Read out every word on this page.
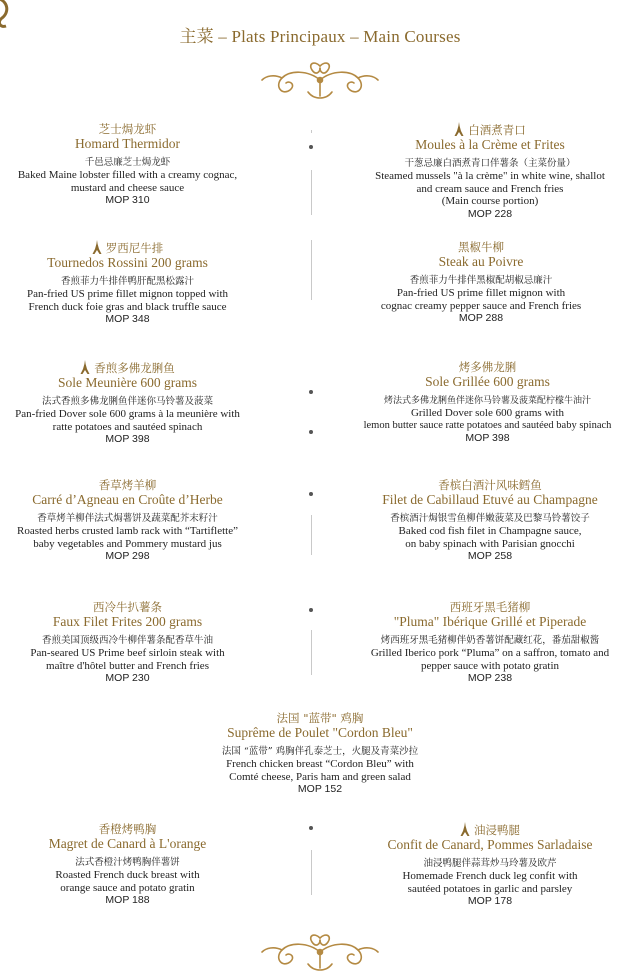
主菜 – Plats Principaux – Main Courses
芝士焗龙虾
Homard Thermidor
千邑忌廉芝士焗龙虾
Baked Maine lobster filled with a creamy cognac,
mustard and cheese sauce
MOP 310
白酒煮青口
Moules à la Crème et Frites
干葱忌廉白酒煮青口伴薯条（主菜份量）
Steamed mussels "à la crème" in white wine, shallot
and cream sauce and French fries
(Main course portion)
MOP 228
罗西尼牛排
Tournedos Rossini 200 grams
香煎菲力牛排伴鸭肝配黑松露汁
Pan-fried US prime fillet mignon topped with
French duck foie gras and black truffle sauce
MOP 348
黑椒牛柳
Steak au Poivre
香煎菲力牛排伴黑椒配胡椒忌廉汁
Pan-fried US prime fillet mignon with
cognac creamy pepper sauce and French fries
MOP 288
香煎多佛龙脷鱼
Sole Meunière 600 grams
法式香煎多佛龙脷鱼伴迷你马铃薯及菠菜
Pan-fried Dover sole 600 grams à la meunière with
ratte potatoes and sautéed spinach
MOP 398
烤多佛龙脷
Sole Grillée 600 grams
烤法式多佛龙脷鱼伴迷你马铃薯及菠菜配柠檬牛油汁
Grilled Dover sole 600 grams with
lemon butter sauce ratte potatoes and sautéed baby spinach
MOP 398
香草烤羊柳
Carré d’Agneau en Croûte d’Herbe
香草烤羊柳伴法式焗薯饼及蔬菜配芥末籽汁
Roasted herbs crusted lamb rack with “Tartiflette”
baby vegetables and Pommery mustard jus
MOP 298
香槟白酒汁风味鳕鱼
Filet de Cabillaud Etuvé au Champagne
香槟酒汁焗银雪鱼柳伴嫩菠菜及巴黎马铃薯饺子
Baked cod fish filet in Champagne sauce,
on baby spinach with Parisian gnocchi
MOP 258
西冷牛扒薯条
Faux Filet Frites 200 grams
香煎美国顶级西冷牛柳伴薯条配香草牛油
Pan-seared US Prime beef sirloin steak with
maître d'hôtel butter and French fries
MOP 230
西班牙黑毛猪柳
"Pluma" Ibérique Grillé et Piperade
烤西班牙黑毛猪柳伴奶香薯饼配藏红花，番茄甜椒酱
Grilled Iberico pork “Pluma” on a saffron, tomato and
pepper sauce with potato gratin
MOP 238
法国 "蓝带" 鸡胸
Suprême de Poulet "Cordon Bleu"
法国 “蓝带” 鸡胸伴孔泰芝士，火腿及青菜沙拉
French chicken breast “Cordon Bleu” with
Comté cheese, Paris ham and green salad
MOP 152
香橙烤鸭胸
Magret de Canard à L'orange
法式香橙汁烤鸭胸伴薯饼
Roasted French duck breast with
orange sauce and potato gratin
MOP 188
油浸鸭腿
Confit de Canard, Pommes Sarladaise
油浸鸭腿伴蒜茸炒马玲薯及欧芹
Homemade French duck leg confit with
sautéed potatoes in garlic and parsley
MOP 178
